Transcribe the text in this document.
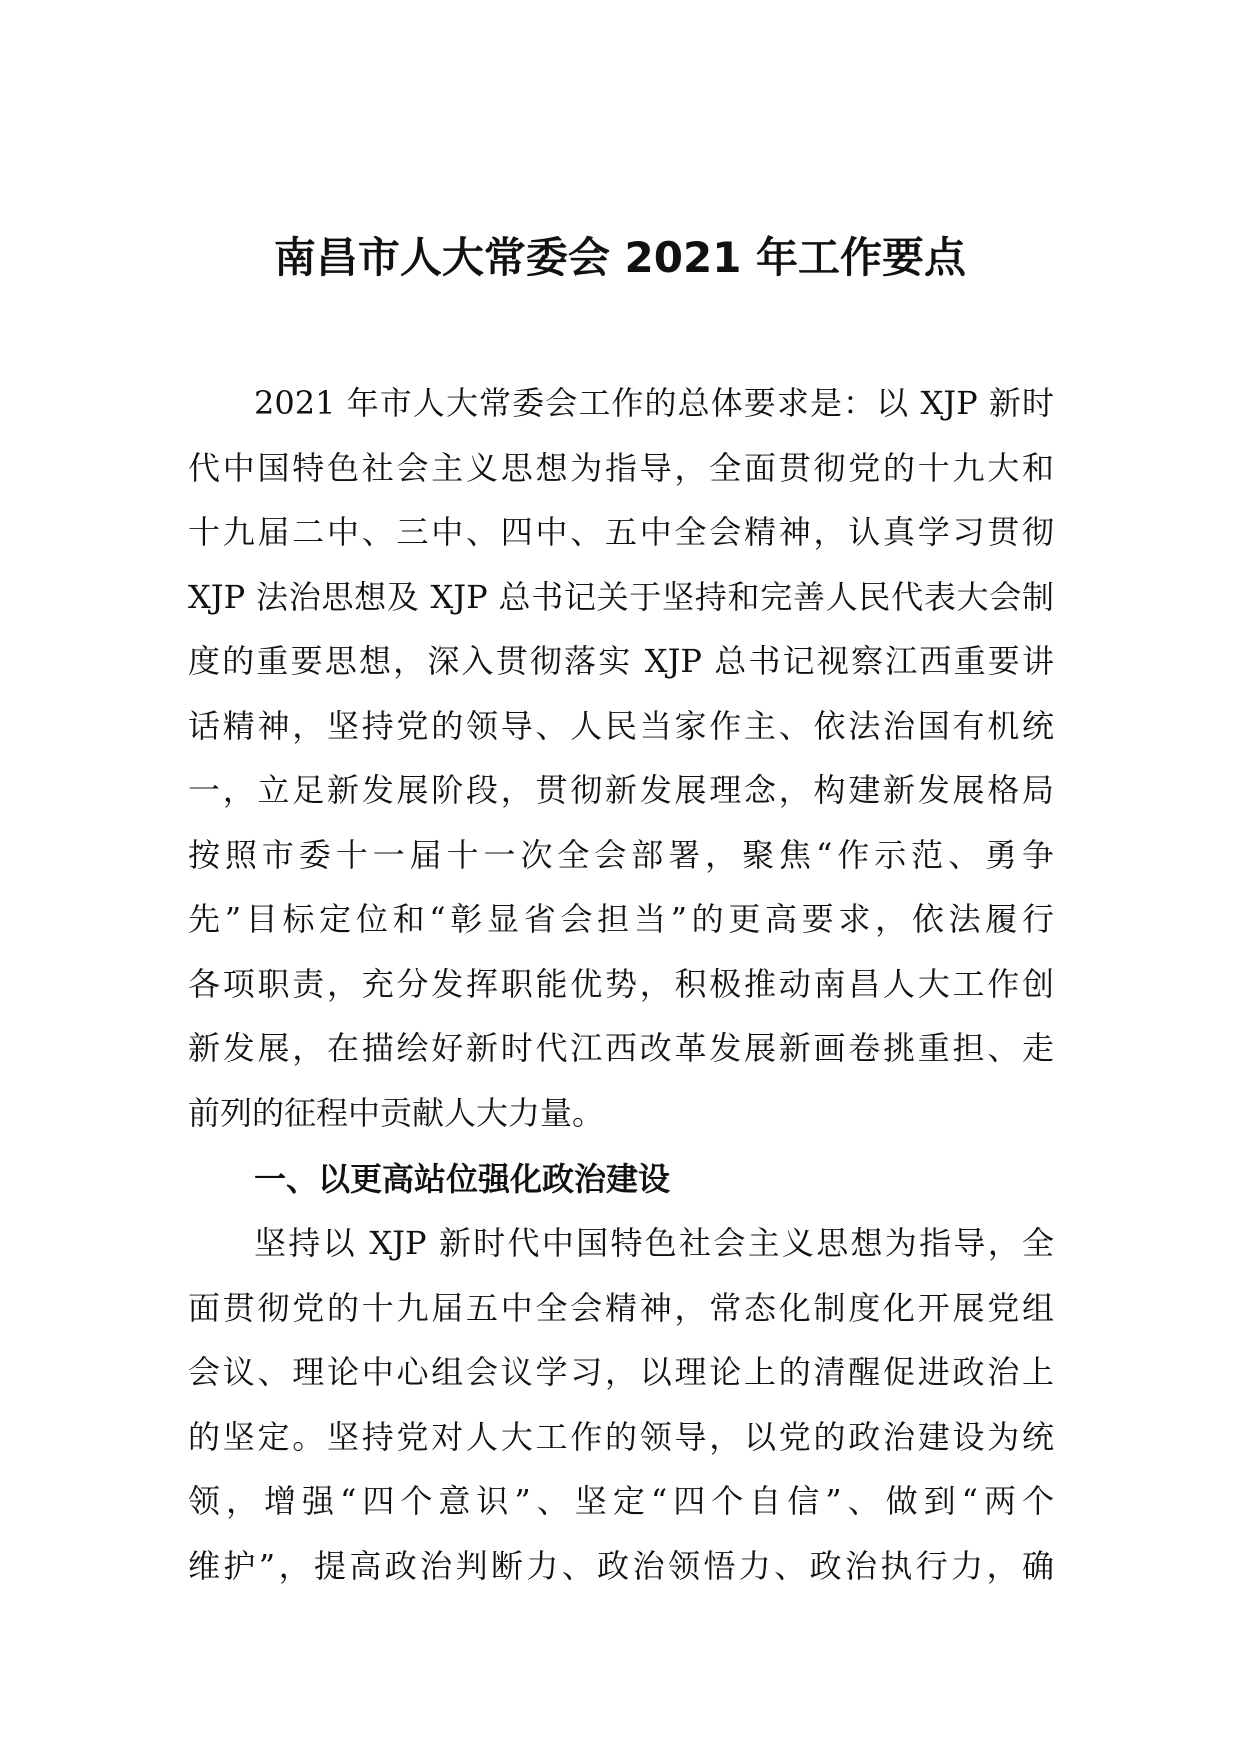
南昌市人大常委会 2021 年工作要点
2021 年市人大常委会工作的总体要求是：以 XJP 新时
代中国特色社会主义思想为指导，全面贯彻党的十九大和
十九届二中、三中、四中、五中全会精神，认真学习贯彻
XJP 法治思想及 XJP 总书记关于坚持和完善人民代表大会制
度的重要思想，深入贯彻落实 XJP 总书记视察江西重要讲
话精神，坚持党的领导、人民当家作主、依法治国有机统
一，立足新发展阶段，贯彻新发展理念，构建新发展格局
按照市委十一届十一次全会部署，聚焦“作示范、勇争
先”目标定位和“彰显省会担当”的更高要求，依法履行
各项职责，充分发挥职能优势，积极推动南昌人大工作创
新发展，在描绘好新时代江西改革发展新画卷挑重担、走
前列的征程中贡献人大力量。
一、以更高站位强化政治建设
坚持以 XJP 新时代中国特色社会主义思想为指导，全
面贯彻党的十九届五中全会精神，常态化制度化开展党组
会议、理论中心组会议学习，以理论上的清醒促进政治上
的坚定。坚持党对人大工作的领导，以党的政治建设为统
领，增强“四个意识”、坚定“四个自信”、做到“两个
维护”，提高政治判断力、政治领悟力、政治执行力，确
